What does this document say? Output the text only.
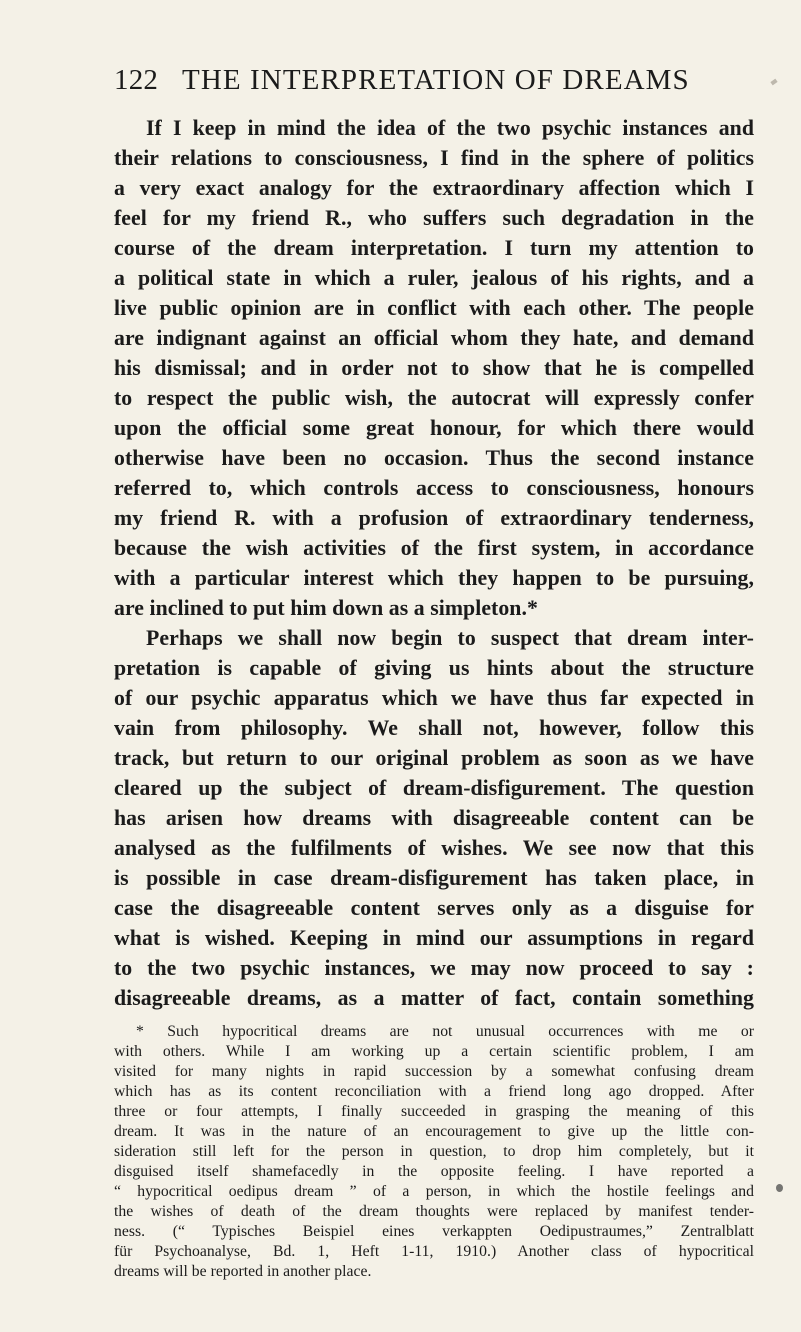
122 THE INTERPRETATION OF DREAMS
If I keep in mind the idea of the two psychic instances and
their relations to consciousness, I find in the sphere of politics
a very exact analogy for the extraordinary affection which I
feel for my friend R., who suffers such degradation in the
course of the dream interpretation. I turn my attention to
a political state in which a ruler, jealous of his rights, and a
live public opinion are in conflict with each other. The people
are indignant against an official whom they hate, and demand
his dismissal; and in order not to show that he is compelled
to respect the public wish, the autocrat will expressly confer
upon the official some great honour, for which there would
otherwise have been no occasion. Thus the second instance
referred to, which controls access to consciousness, honours
my friend R. with a profusion of extraordinary tenderness,
because the wish activities of the first system, in accordance
with a particular interest which they happen to be pursuing,
are inclined to put him down as a simpleton.*
Perhaps we shall now begin to suspect that dream inter-
pretation is capable of giving us hints about the structure
of our psychic apparatus which we have thus far expected in
vain from philosophy. We shall not, however, follow this
track, but return to our original problem as soon as we have
cleared up the subject of dream-disfigurement. The question
has arisen how dreams with disagreeable content can be
analysed as the fulfilments of wishes. We see now that this
is possible in case dream-disfigurement has taken place, in
case the disagreeable content serves only as a disguise for
what is wished. Keeping in mind our assumptions in regard
to the two psychic instances, we may now proceed to say :
disagreeable dreams, as a matter of fact, contain something
* Such hypocritical dreams are not unusual occurrences with me or
with others. While I am working up a certain scientific problem, I am
visited for many nights in rapid succession by a somewhat confusing dream
which has as its content reconciliation with a friend long ago dropped. After
three or four attempts, I finally succeeded in grasping the meaning of this
dream. It was in the nature of an encouragement to give up the little con-
sideration still left for the person in question, to drop him completely, but it
disguised itself shamefacedly in the opposite feeling. I have reported a
“ hypocritical oedipus dream ” of a person, in which the hostile feelings and
the wishes of death of the dream thoughts were replaced by manifest tender-
ness. (“ Typisches Beispiel eines verkappten Oedipustraumes,” Zentralblatt
für Psychoanalyse, Bd. 1, Heft 1-11, 1910.) Another class of hypocritical
dreams will be reported in another place.
